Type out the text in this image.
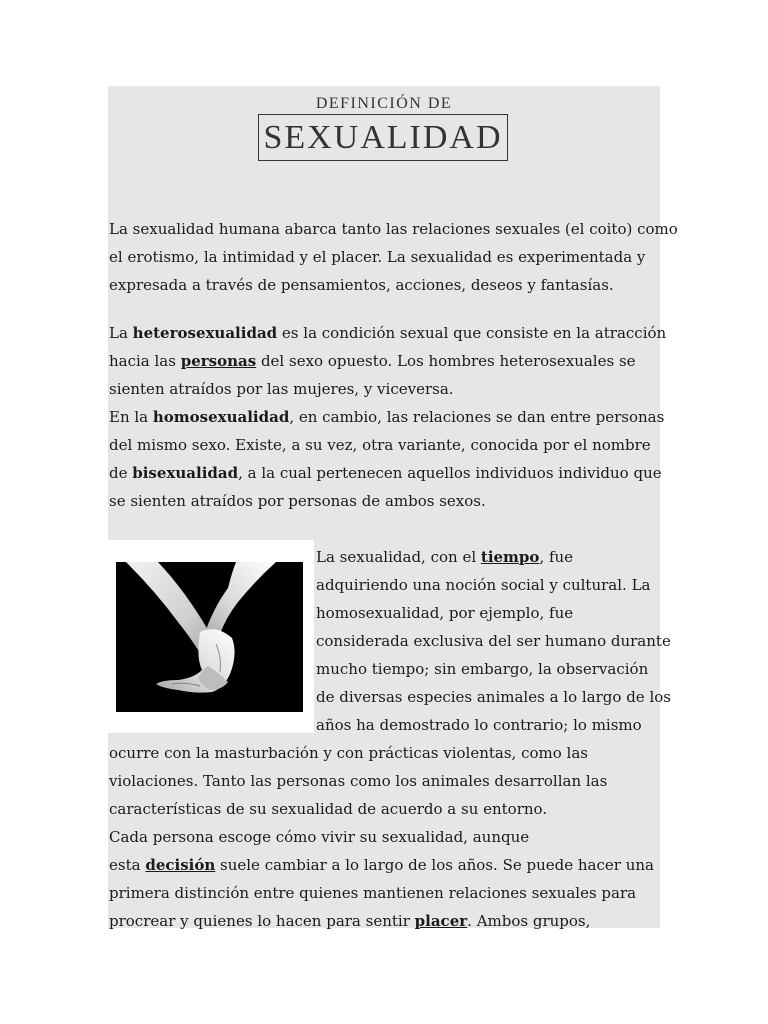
DEFINICIÓN DE
SEXUALIDAD
La sexualidad humana abarca tanto las relaciones sexuales (el coito) como
el erotismo, la intimidad y el placer. La sexualidad es experimentada y
expresada a través de pensamientos, acciones, deseos y fantasías.
La heterosexualidad es la condición sexual que consiste en la atracción
hacia las personas del sexo opuesto. Los hombres heterosexuales se
sienten atraídos por las mujeres, y viceversa.
En la homosexualidad, en cambio, las relaciones se dan entre personas
del mismo sexo. Existe, a su vez, otra variante, conocida por el nombre
de bisexualidad, a la cual pertenecen aquellos individuos individuo que
se sienten atraídos por personas de ambos sexos.
La sexualidad, con el tiempo, fue
adquiriendo una noción social y cultural. La
homosexualidad, por ejemplo, fue
considerada exclusiva del ser humano durante
mucho tiempo; sin embargo, la observación
de diversas especies animales a lo largo de los
años ha demostrado lo contrario; lo mismo
ocurre con la masturbación y con prácticas violentas, como las
violaciones. Tanto las personas como los animales desarrollan las
características de su sexualidad de acuerdo a su entorno.
Cada persona escoge cómo vivir su sexualidad, aunque
esta decisión suele cambiar a lo largo de los años. Se puede hacer una
primera distinción entre quienes mantienen relaciones sexuales para
procrear y quienes lo hacen para sentir placer. Ambos grupos,
